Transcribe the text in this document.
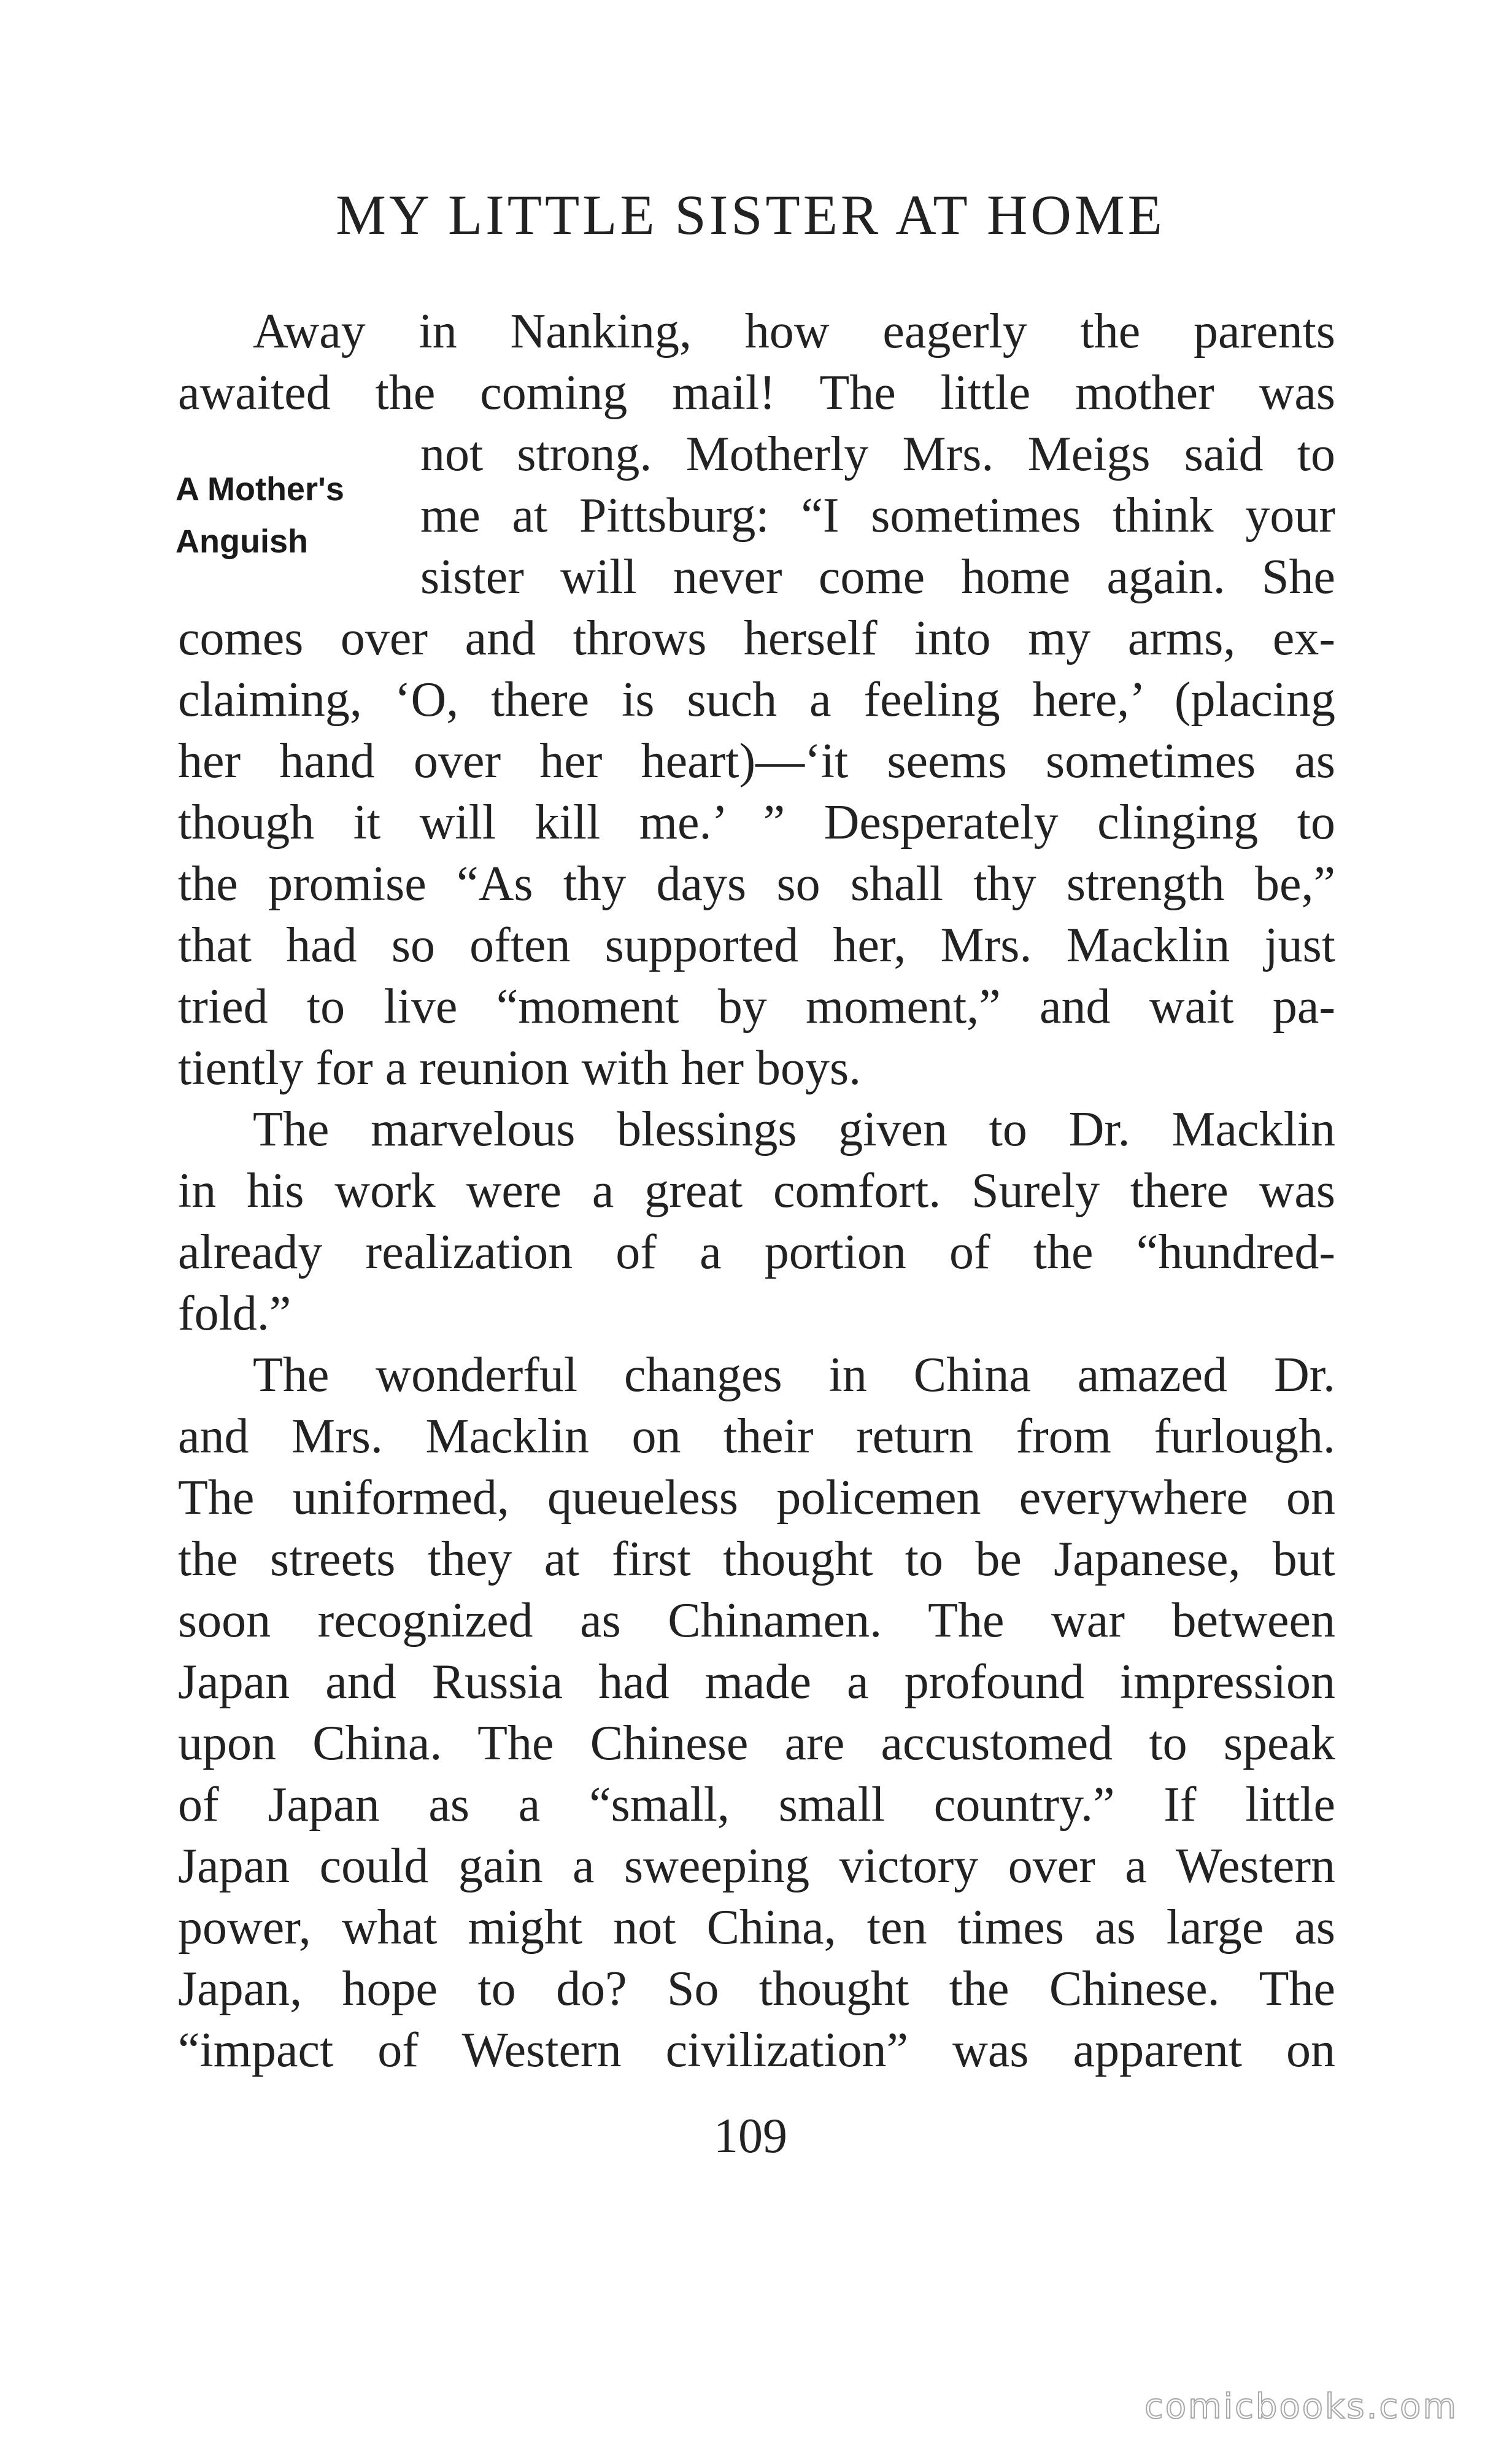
MY LITTLE SISTER AT HOME
A Mother's
Anguish
Away in Nanking, how eagerly the parents
awaited the coming mail! The little mother was
not strong. Motherly Mrs. Meigs said to
me at Pittsburg: “I sometimes think your
sister will never come home again. She
comes over and throws herself into my arms, ex-
claiming, ‘O, there is such a feeling here,’ (placing
her hand over her heart)—‘it seems sometimes as
though it will kill me.’ ” Desperately clinging to
the promise “As thy days so shall thy strength be,”
that had so often supported her, Mrs. Macklin just
tried to live “moment by moment,” and wait pa-
tiently for a reunion with her boys.
The marvelous blessings given to Dr. Macklin
in his work were a great comfort. Surely there was
already realization of a portion of the “hundred-
fold.”
The wonderful changes in China amazed Dr.
and Mrs. Macklin on their return from furlough.
The uniformed, queueless policemen everywhere on
the streets they at first thought to be Japanese, but
soon recognized as Chinamen. The war between
Japan and Russia had made a profound impression
upon China. The Chinese are accustomed to speak
of Japan as a “small, small country.” If little
Japan could gain a sweeping victory over a Western
power, what might not China, ten times as large as
Japan, hope to do? So thought the Chinese. The
“impact of Western civilization” was apparent on
109
comicbooks.com
